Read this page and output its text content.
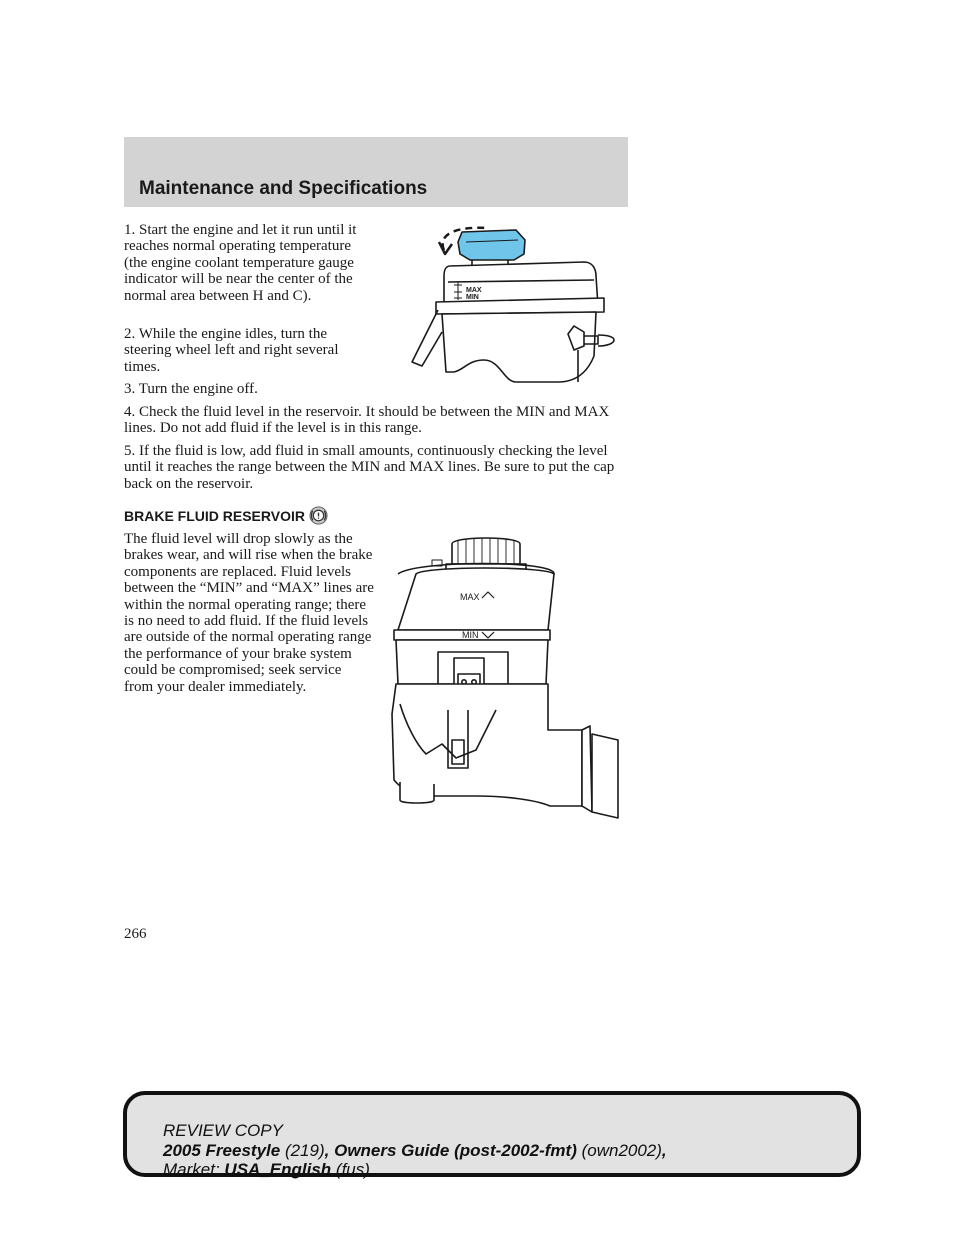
Maintenance and Specifications

1. Start the engine and let it run until it reaches normal operating temperature (the engine coolant temperature gauge indicator will be near the center of the normal area between H and C).

2. While the engine idles, turn the steering wheel left and right several times.

3. Turn the engine off.

4. Check the fluid level in the reservoir. It should be between the MIN and MAX lines. Do not add fluid if the level is in this range.

5. If the fluid is low, add fluid in small amounts, continuously checking the level until it reaches the range between the MIN and MAX lines. Be sure to put the cap back on the reservoir.

MAX
MIN
BRAKE FLUID RESERVOIR

The fluid level will drop slowly as the brakes wear, and will rise when the brake components are replaced. Fluid levels between the “MIN” and “MAX” lines are within the normal operating range; there is no need to add fluid. If the fluid levels are outside of the normal operating range the performance of your brake system could be compromised; seek service from your dealer immediately.

MAX
MIN

266

REVIEW COPY

2005 Freestyle (219), Owners Guide (post-2002-fmt) (own2002),

Market: USA_English (fus)
